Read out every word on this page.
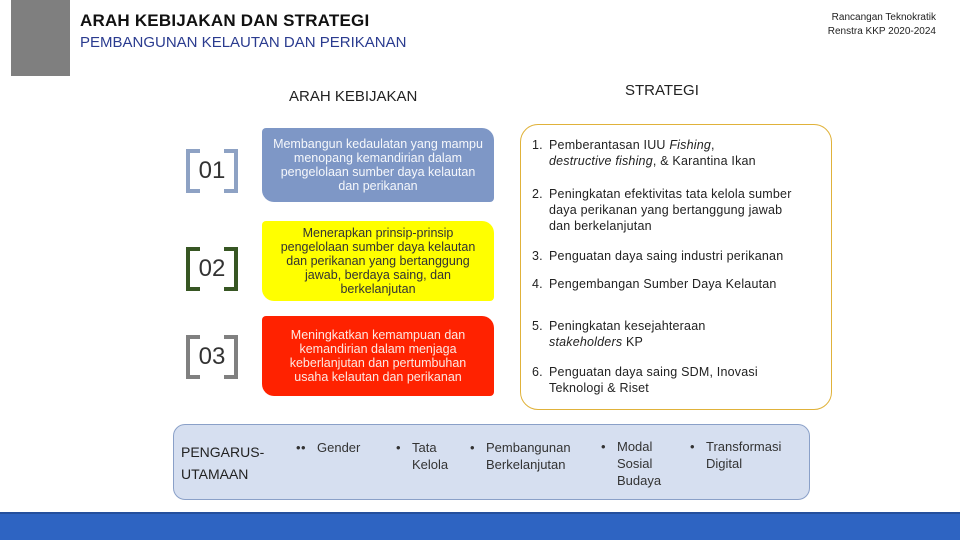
ARAH KEBIJAKAN DAN STRATEGI
PEMBANGUNAN KELAUTAN DAN PERIKANAN
Rancangan Teknokratik
Renstra KKP 2020-2024
ARAH KEBIJAKAN	STRATEGI
01
Membangun kedaulatan yang mampu menopang kemandirian dalam pengelolaan sumber daya kelautan dan perikanan
02
Menerapkan prinsip-prinsip pengelolaan sumber daya kelautan dan perikanan yang bertanggung jawab, berdaya saing, dan berkelanjutan
03
Meningkatkan kemampuan dan kemandirian dalam menjaga keberlanjutan dan pertumbuhan usaha kelautan dan perikanan
1. Pemberantasan IUU Fishing,
destructive fishing, & Karantina Ikan
2. Peningkatan efektivitas tata kelola sumber
daya perikanan yang bertanggung jawab
dan berkelanjutan
3. Penguatan daya saing industri perikanan
4. Pengembangan Sumber Daya Kelautan
5. Peningkatan kesejahteraan
stakeholders KP
6. Penguatan daya saing SDM, Inovasi
Teknologi & Riset
PENGARUS-
UTAMAAN
• Gender	• Tata
Kelola
• Pembangunan
Berkelanjutan
• Modal
Sosial
Budaya
• Transformasi
Digital
•
